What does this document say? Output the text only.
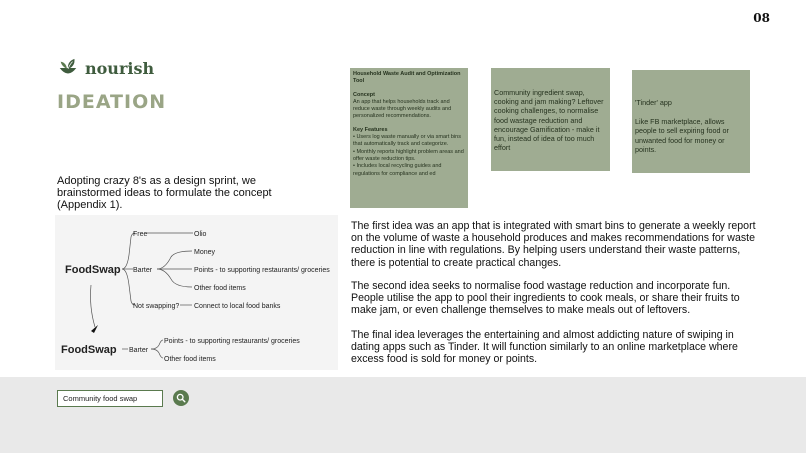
08
nourish
IDEATION
Adopting crazy 8's as a design sprint, we brainstormed ideas to formulate the concept (Appendix 1).
FoodSwap
Free
Barter
Not swapping?
Olio
Money
Points - to supporting restaurants/ groceries
Other food items
Connect to local food banks
FoodSwap Barter
Points - to supporting restaurants/ groceries
Other food items
Household Waste Audit and Optimization Tool
Concept
An app that helps households track and reduce waste through weekly audits and personalized recommendations.
Key Features
• Users log waste manually or via smart bins that automatically track and categorize.
• Monthly reports highlight problem areas and offer waste reduction tips.
• Includes local recycling guides and regulations for compliance and ed
Community ingredient swap, cooking and jam making? Leftover cooking challenges, to normalise food wastage reduction and encourage Gamification - make it fun, instead of idea of too much effort
'Tinder' app
Like FB marketplace, allows people to sell expiring food or unwanted food for money or points.

The first idea was an app that is integrated with smart bins to generate a weekly report on the volume of waste a household produces and makes recommendations for waste reduction in line with regulations. By helping users understand their waste patterns, there is potential to create practical changes.

The second idea seeks to normalise food wastage reduction and incorporate fun. People utilise the app to pool their ingredients to cook meals, or share their fruits to make jam, or even challenge themselves to make meals out of leftovers.

The final idea leverages the entertaining and almost addicting nature of swiping in dating apps such as Tinder. It will function similarly to an online marketplace where excess food is sold for money or points.

Community food swap
